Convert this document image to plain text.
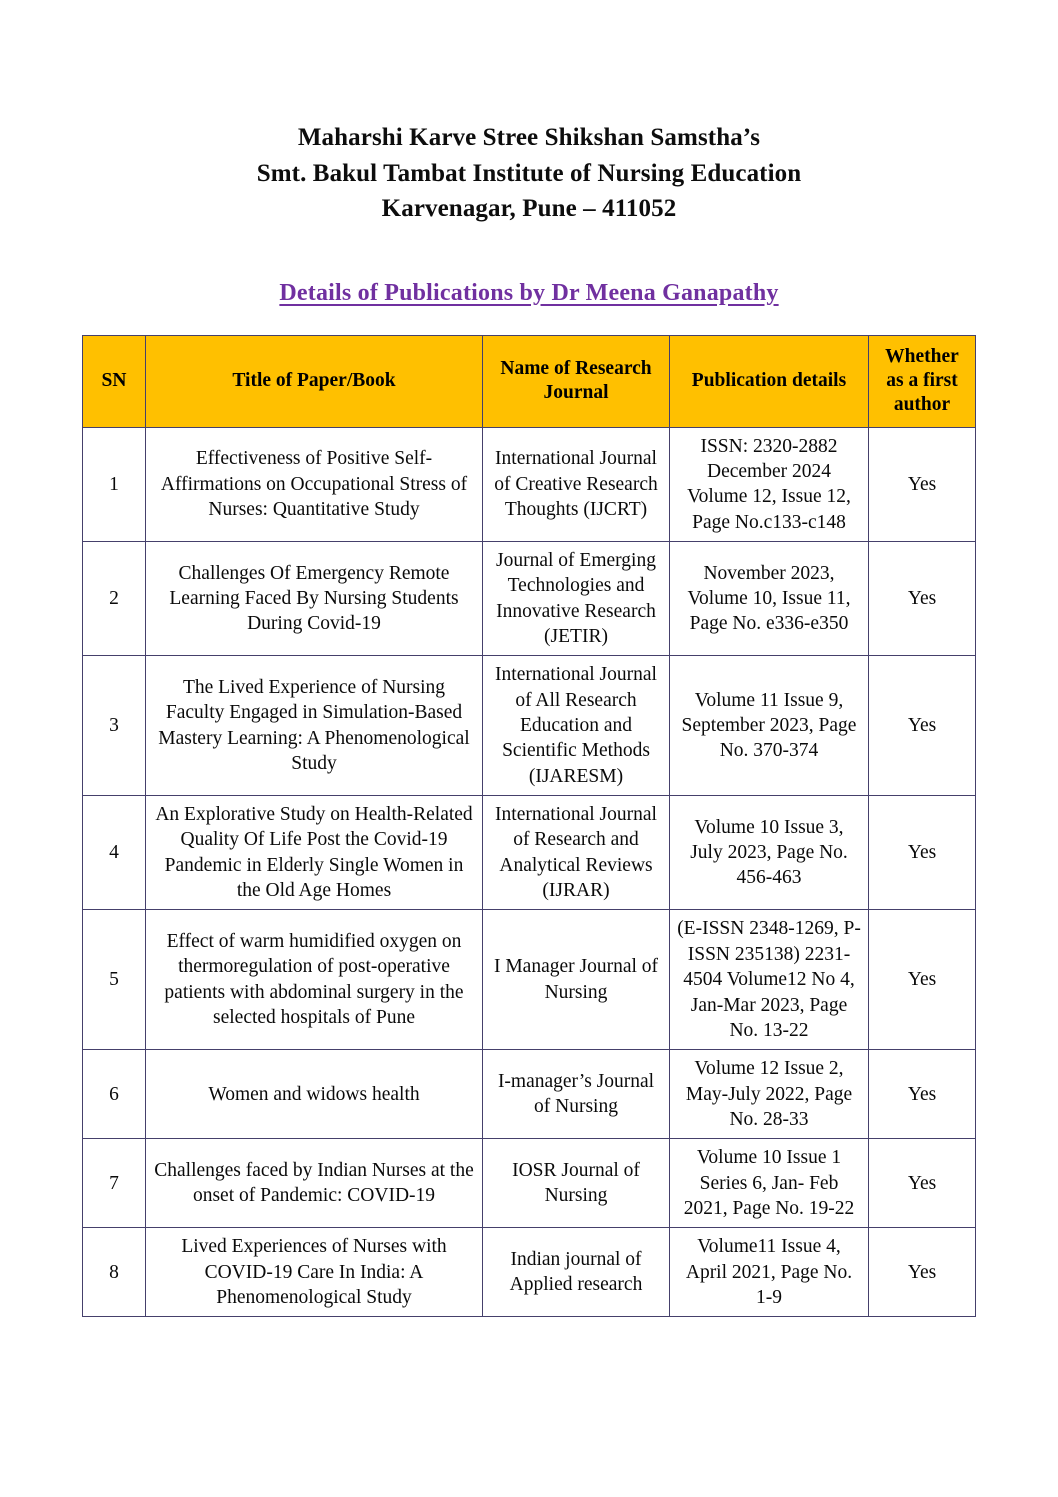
Maharshi Karve Stree Shikshan Samstha’s
Smt. Bakul Tambat Institute of Nursing Education
Karvenagar, Pune – 411052
Details of Publications by Dr Meena Ganapathy
SN	Title of Paper/Book	Name of Research Journal	Publication details	Whether as a first author
1	Effectiveness of Positive Self-Affirmations on Occupational Stress of Nurses: Quantitative Study	International Journal of Creative Research Thoughts (IJCRT)	ISSN: 2320-2882 December 2024 Volume 12, Issue 12, Page No.c133-c148	Yes
2	Challenges Of Emergency Remote Learning Faced By Nursing Students During Covid-19	Journal of Emerging Technologies and Innovative Research (JETIR)	November 2023, Volume 10, Issue 11, Page No. e336-e350	Yes
3	The Lived Experience of Nursing Faculty Engaged in Simulation-Based Mastery Learning: A Phenomenological Study	International Journal of All Research Education and Scientific Methods (IJARESM)	Volume 11 Issue 9, September 2023, Page No. 370-374	Yes
4	An Explorative Study on Health-Related Quality Of Life Post the Covid-19 Pandemic in Elderly Single Women in the Old Age Homes	International Journal of Research and Analytical Reviews (IJRAR)	Volume 10 Issue 3, July 2023, Page No. 456-463	Yes
5	Effect of warm humidified oxygen on thermoregulation of post-operative patients with abdominal surgery in the selected hospitals of Pune	I Manager Journal of Nursing	(E-ISSN 2348-1269, P- ISSN 235138) 2231-4504 Volume12 No 4, Jan-Mar 2023, Page No. 13-22	Yes
6	Women and widows health	I-manager’s Journal of Nursing	Volume 12 Issue 2, May-July 2022, Page No. 28-33	Yes
7	Challenges faced by Indian Nurses at the onset of Pandemic: COVID-19	IOSR Journal of Nursing	Volume 10 Issue 1 Series 6, Jan- Feb 2021, Page No. 19-22	Yes
8	Lived Experiences of Nurses with COVID-19 Care In India: A Phenomenological Study	Indian journal of Applied research	Volume11 Issue 4, April 2021, Page No. 1-9	Yes
